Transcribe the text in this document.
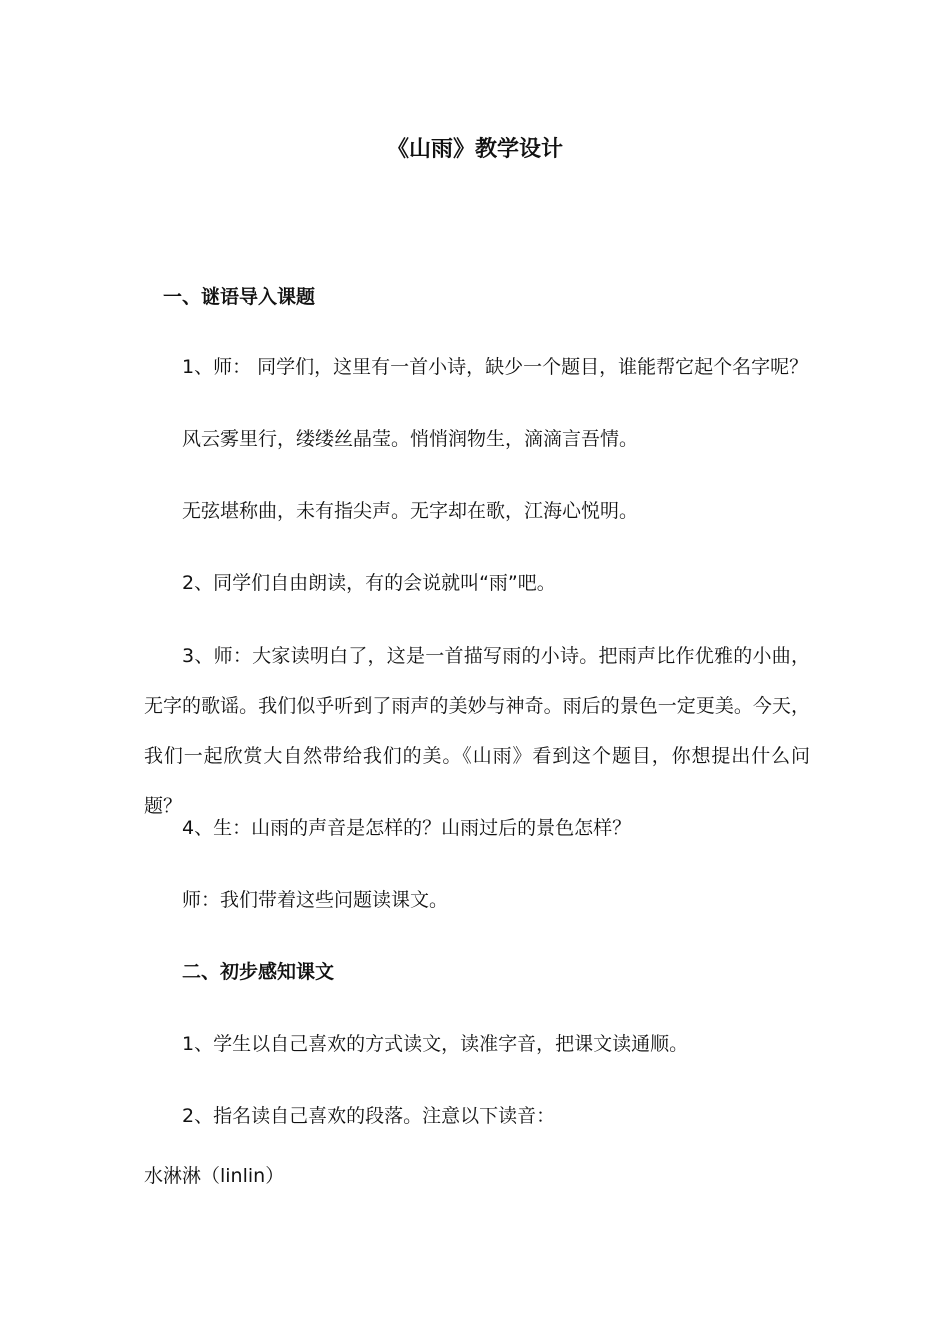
《山雨》教学设计
一、谜语导入课题
1、师： 同学们，这里有一首小诗，缺少一个题目，谁能帮它起个名字呢？
风云雾里行，缕缕丝晶莹。悄悄润物生，滴滴言吾情。
无弦堪称曲，未有指尖声。无字却在歌，江海心悦明。
2、同学们自由朗读，有的会说就叫“雨”吧。
3、师：大家读明白了，这是一首描写雨的小诗。把雨声比作优雅的小曲，无字的歌谣。我们似乎听到了雨声的美妙与神奇。雨后的景色一定更美。今天，我们一起欣赏大自然带给我们的美。《山雨》看到这个题目，你想提出什么问题？
4、生：山雨的声音是怎样的？山雨过后的景色怎样？
师：我们带着这些问题读课文。
二、初步感知课文
1、学生以自己喜欢的方式读文，读准字音，把课文读通顺。
2、指名读自己喜欢的段落。注意以下读音：
水淋淋（linlin）
